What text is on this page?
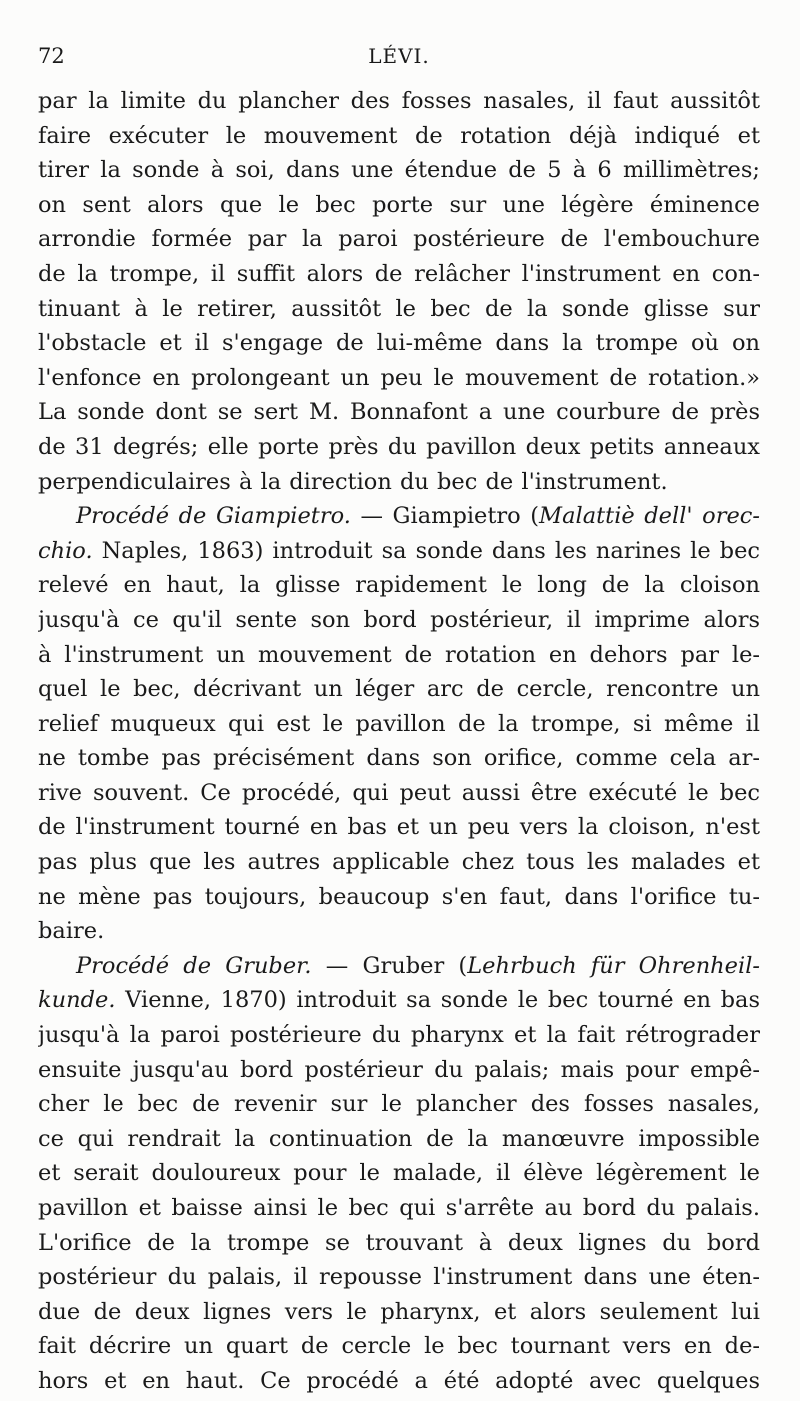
72	LÉVI.
par la limite du plancher des fosses nasales, il faut aussitôt
faire exécuter le mouvement de rotation déjà indiqué et
tirer la sonde à soi, dans une étendue de 5 à 6 millimètres;
on sent alors que le bec porte sur une légère éminence
arrondie formée par la paroi postérieure de l'embouchure
de la trompe, il suffit alors de relâcher l'instrument en con-
tinuant à le retirer, aussitôt le bec de la sonde glisse sur
l'obstacle et il s'engage de lui-même dans la trompe où on
l'enfonce en prolongeant un peu le mouvement de rotation.»
La sonde dont se sert M. Bonnafont a une courbure de près
de 31 degrés; elle porte près du pavillon deux petits anneaux
perpendiculaires à la direction du bec de l'instrument.
Procédé de Giampietro. — Giampietro (Malattiè dell' orec-
chio. Naples, 1863) introduit sa sonde dans les narines le bec
relevé en haut, la glisse rapidement le long de la cloison
jusqu'à ce qu'il sente son bord postérieur, il imprime alors
à l'instrument un mouvement de rotation en dehors par le-
quel le bec, décrivant un léger arc de cercle, rencontre un
relief muqueux qui est le pavillon de la trompe, si même il
ne tombe pas précisément dans son orifice, comme cela ar-
rive souvent. Ce procédé, qui peut aussi être exécuté le bec
de l'instrument tourné en bas et un peu vers la cloison, n'est
pas plus que les autres applicable chez tous les malades et
ne mène pas toujours, beaucoup s'en faut, dans l'orifice tu-
baire.
Procédé de Gruber. — Gruber (Lehrbuch für Ohrenheil-
kunde. Vienne, 1870) introduit sa sonde le bec tourné en bas
jusqu'à la paroi postérieure du pharynx et la fait rétrograder
ensuite jusqu'au bord postérieur du palais; mais pour empê-
cher le bec de revenir sur le plancher des fosses nasales,
ce qui rendrait la continuation de la manœuvre impossible
et serait douloureux pour le malade, il élève légèrement le
pavillon et baisse ainsi le bec qui s'arrête au bord du palais.
L'orifice de la trompe se trouvant à deux lignes du bord
postérieur du palais, il repousse l'instrument dans une éten-
due de deux lignes vers le pharynx, et alors seulement lui
fait décrire un quart de cercle le bec tournant vers en de-
hors et en haut. Ce procédé a été adopté avec quelques
